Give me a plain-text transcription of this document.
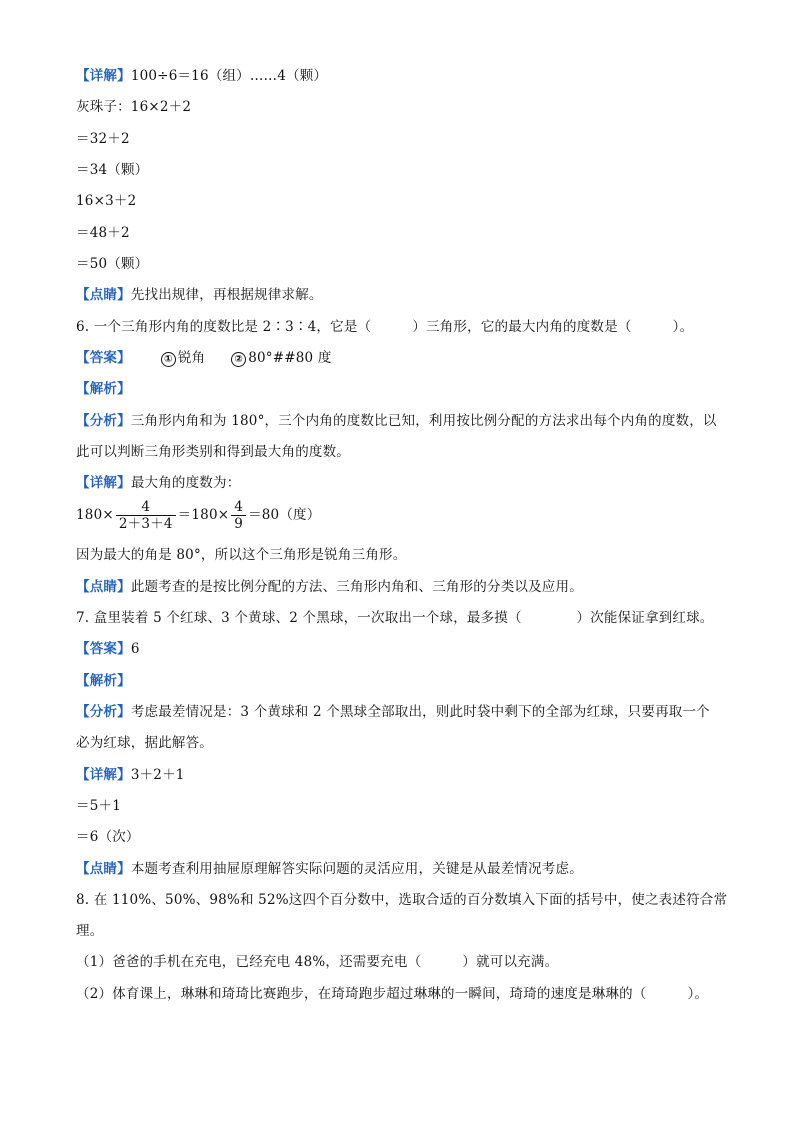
【详解】100÷6＝16（组）……4（颗）
灰珠子：16×2＋2
＝32＋2
＝34（颗）
16×3＋2
＝48＋2
＝50（颗）
【点睛】先找出规律，再根据规律求解。
6. 一个三角形内角的度数比是 2∶3∶4，它是（　　　）三角形，它的最大内角的度数是（　　　）。
【答案】	① 锐角	② 80°##80 度
【解析】
【分析】三角形内角和为 180°，三个内角的度数比已知，利用按比例分配的方法求出每个内角的度数，以
此可以判断三角形类别和得到最大角的度数。
【详解】最大角的度数为：
$180\times \frac{4}{2+3+4} =180\times \frac{4}{9} =80$（度）
因为最大的角是 80°，所以这个三角形是锐角三角形。
【点睛】此题考查的是按比例分配的方法、三角形内角和、三角形的分类以及应用。
7. 盒里装着 5 个红球、3 个黄球、2 个黑球，一次取出一个球，最多摸（　　　　）次能保证拿到红球。
【答案】6
【解析】
【分析】考虑最差情况是：3 个黄球和 2 个黑球全部取出，则此时袋中剩下的全部为红球，只要再取一个
必为红球，据此解答。
【详解】3＋2＋1
＝5＋1
＝6（次）
【点睛】本题考查利用抽屉原理解答实际问题的灵活应用，关键是从最差情况考虑。
8. 在 110%、50%、98%和 52%这四个百分数中，选取合适的百分数填入下面的括号中，使之表述符合常
理。
（1）爸爸的手机在充电，已经充电 48%，还需要充电（　　　）就可以充满。
（2）体育课上，琳琳和琦琦比赛跑步，在琦琦跑步超过琳琳的一瞬间，琦琦的速度是琳琳的（　　　）。
